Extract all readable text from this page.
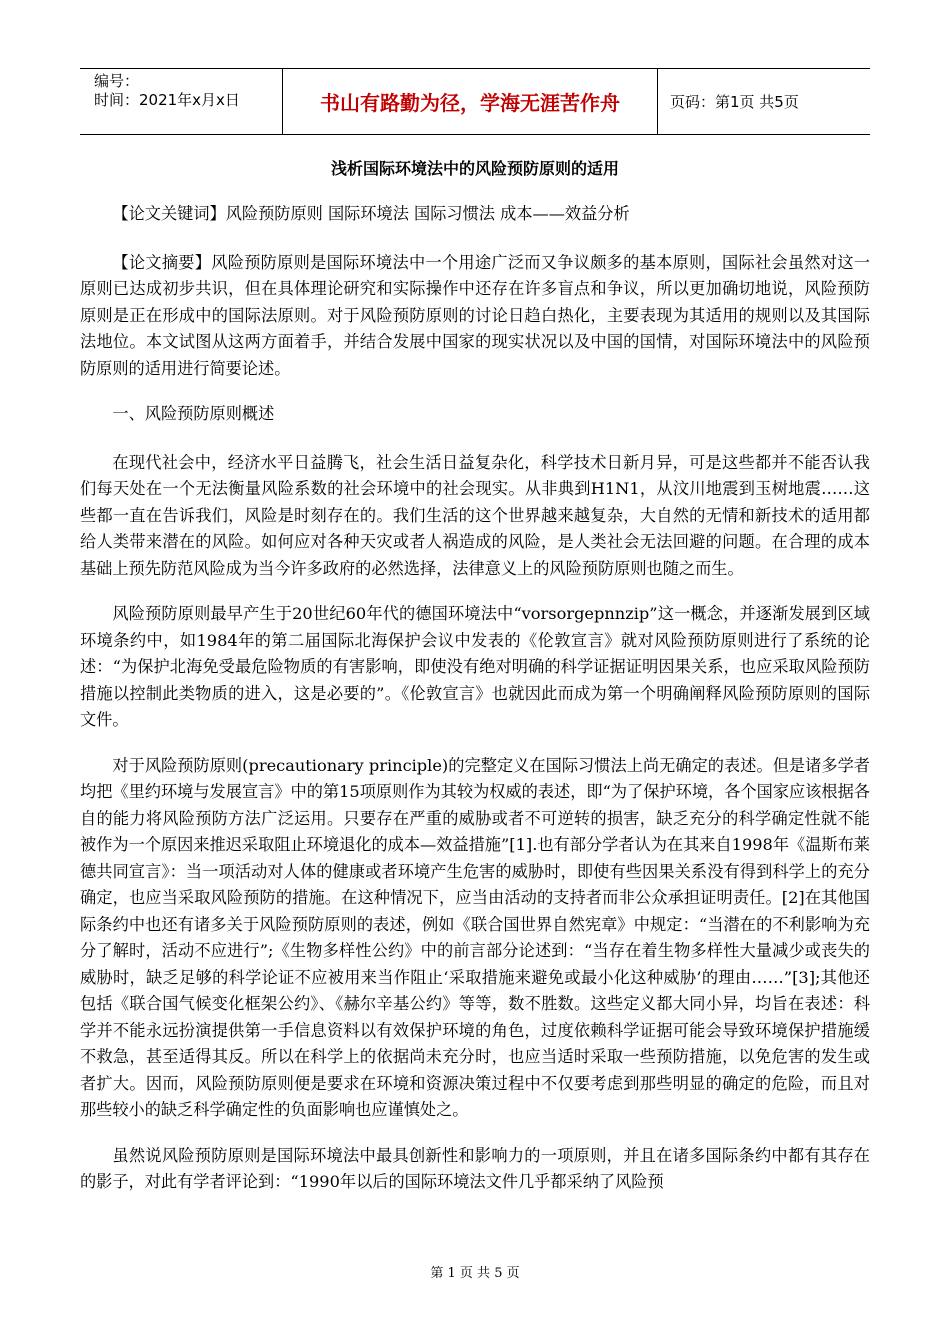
编号：
时间：2021年x月x日	书山有路勤为径，学海无涯苦作舟	页码：第1页 共5页
浅析国际环境法中的风险预防原则的适用

【论文关键词】风险预防原则 国际环境法 国际习惯法 成本——效益分析

【论文摘要】风险预防原则是国际环境法中一个用途广泛而又争议颇多的基本原则，国际社会虽然对这一原则已达成初步共识，但在具体理论研究和实际操作中还存在许多盲点和争议，所以更加确切地说，风险预防原则是正在形成中的国际法原则。对于风险预防原则的讨论日趋白热化，主要表现为其适用的规则以及其国际法地位。本文试图从这两方面着手，并结合发展中国家的现实状况以及中国的国情，对国际环境法中的风险预防原则的适用进行简要论述。

一、风险预防原则概述

在现代社会中，经济水平日益腾飞，社会生活日益复杂化，科学技术日新月异，可是这些都并不能否认我们每天处在一个无法衡量风险系数的社会环境中的社会现实。从非典到H1N1，从汶川地震到玉树地震……这些都一直在告诉我们，风险是时刻存在的。我们生活的这个世界越来越复杂，大自然的无情和新技术的适用都给人类带来潜在的风险。如何应对各种天灾或者人祸造成的风险，是人类社会无法回避的问题。在合理的成本基础上预先防范风险成为当今许多政府的必然选择，法律意义上的风险预防原则也随之而生。

风险预防原则最早产生于20世纪60年代的德国环境法中“vorsorgepnnzip”这一概念，并逐渐发展到区域环境条约中，如1984年的第二届国际北海保护会议中发表的《伦敦宣言》就对风险预防原则进行了系统的论述：“为保护北海免受最危险物质的有害影响，即使没有绝对明确的科学证据证明因果关系，也应采取风险预防措施以控制此类物质的进入，这是必要的”。《伦敦宣言》也就因此而成为第一个明确阐释风险预防原则的国际文件。

对于风险预防原则(precautionary principle)的完整定义在国际习惯法上尚无确定的表述。但是诸多学者均把《里约环境与发展宣言》中的第15项原则作为其较为权威的表述，即“为了保护环境，各个国家应该根据各自的能力将风险预防方法广泛运用。只要存在严重的威胁或者不可逆转的损害，缺乏充分的科学确定性就不能被作为一个原因来推迟采取阻止环境退化的成本—效益措施”[1].也有部分学者认为在其来自1998年《温斯布莱德共同宣言》：当一项活动对人体的健康或者环境产生危害的威胁时，即使有些因果关系没有得到科学上的充分确定，也应当采取风险预防的措施。在这种情况下，应当由活动的支持者而非公众承担证明责任。[2]在其他国际条约中也还有诸多关于风险预防原则的表述，例如《联合国世界自然宪章》中规定：“当潜在的不利影响为充分了解时，活动不应进行”;《生物多样性公约》中的前言部分论述到：“当存在着生物多样性大量减少或丧失的威胁时，缺乏足够的科学论证不应被用来当作阻止‘采取措施来避免或最小化这种威胁’的理由……”[3];其他还包括《联合国气候变化框架公约》、《赫尔辛基公约》等等，数不胜数。这些定义都大同小异，均旨在表述：科学并不能永远扮演提供第一手信息资料以有效保护环境的角色，过度依赖科学证据可能会导致环境保护措施缓不救急，甚至适得其反。所以在科学上的依据尚未充分时，也应当适时采取一些预防措施，以免危害的发生或者扩大。因而，风险预防原则便是要求在环境和资源决策过程中不仅要考虑到那些明显的确定的危险，而且对那些较小的缺乏科学确定性的负面影响也应谨慎处之。

虽然说风险预防原则是国际环境法中最具创新性和影响力的一项原则，并且在诸多国际条约中都有其存在的影子，对此有学者评论到：“1990年以后的国际环境法文件几乎都采纳了风险预

第 1 页 共 5 页
